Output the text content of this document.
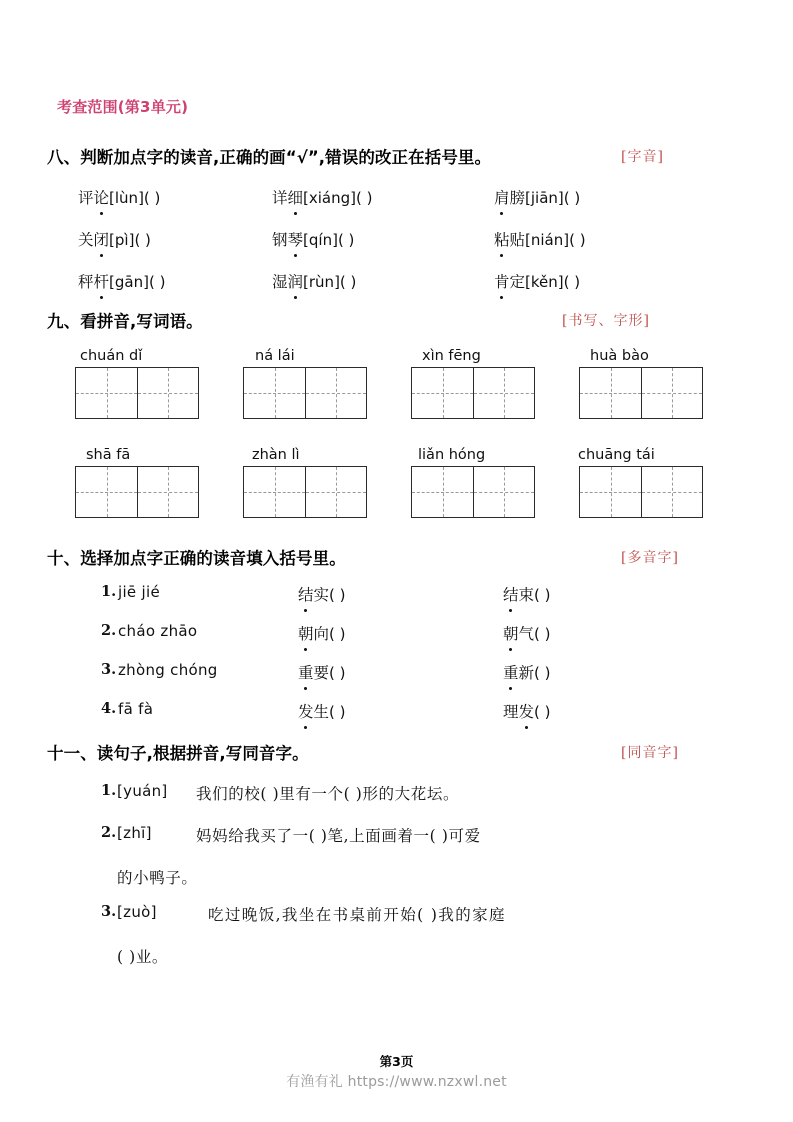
考查范围(第3单元)
八、判断加点字的读音,正确的画“√”,错误的改正在括号里。	[字音]
评论[lùn]( )	详细[xiáng]( )	肩膀[jiān]( )
关闭[pì]( )	钢琴[qín]( )	粘贴[nián]( )
秤杆[gān]( )	湿润[rùn]( )	肯定[kěn]( )
九、看拼音,写词语。	[书写、字形]
chuán dǐ	ná lái	xìn fēng	huà bào
shā fā	zhàn lì	liǎn hóng	chuāng tái
十、选择加点字正确的读音填入括号里。	[多音字]
1. jiē jié	结实( )	结束( )
2. cháo zhāo	朝向( )	朝气( )
3. zhòng chóng	重要( )	重新( )
4. fā fà	发生( )	理发( )
十一、读句子,根据拼音,写同音字。	[同音字]
1. [yuán] 我们的校( )里有一个( )形的大花坛。
2. [zhī]	妈妈给我买了一( )笔,上面画着一( )可爱
的小鸭子。
3. [zuò]	吃过晚饭,我坐在书桌前开始( )我的家庭
( )业。
第3页
有渔有礼 https://www.nzxwl.net
